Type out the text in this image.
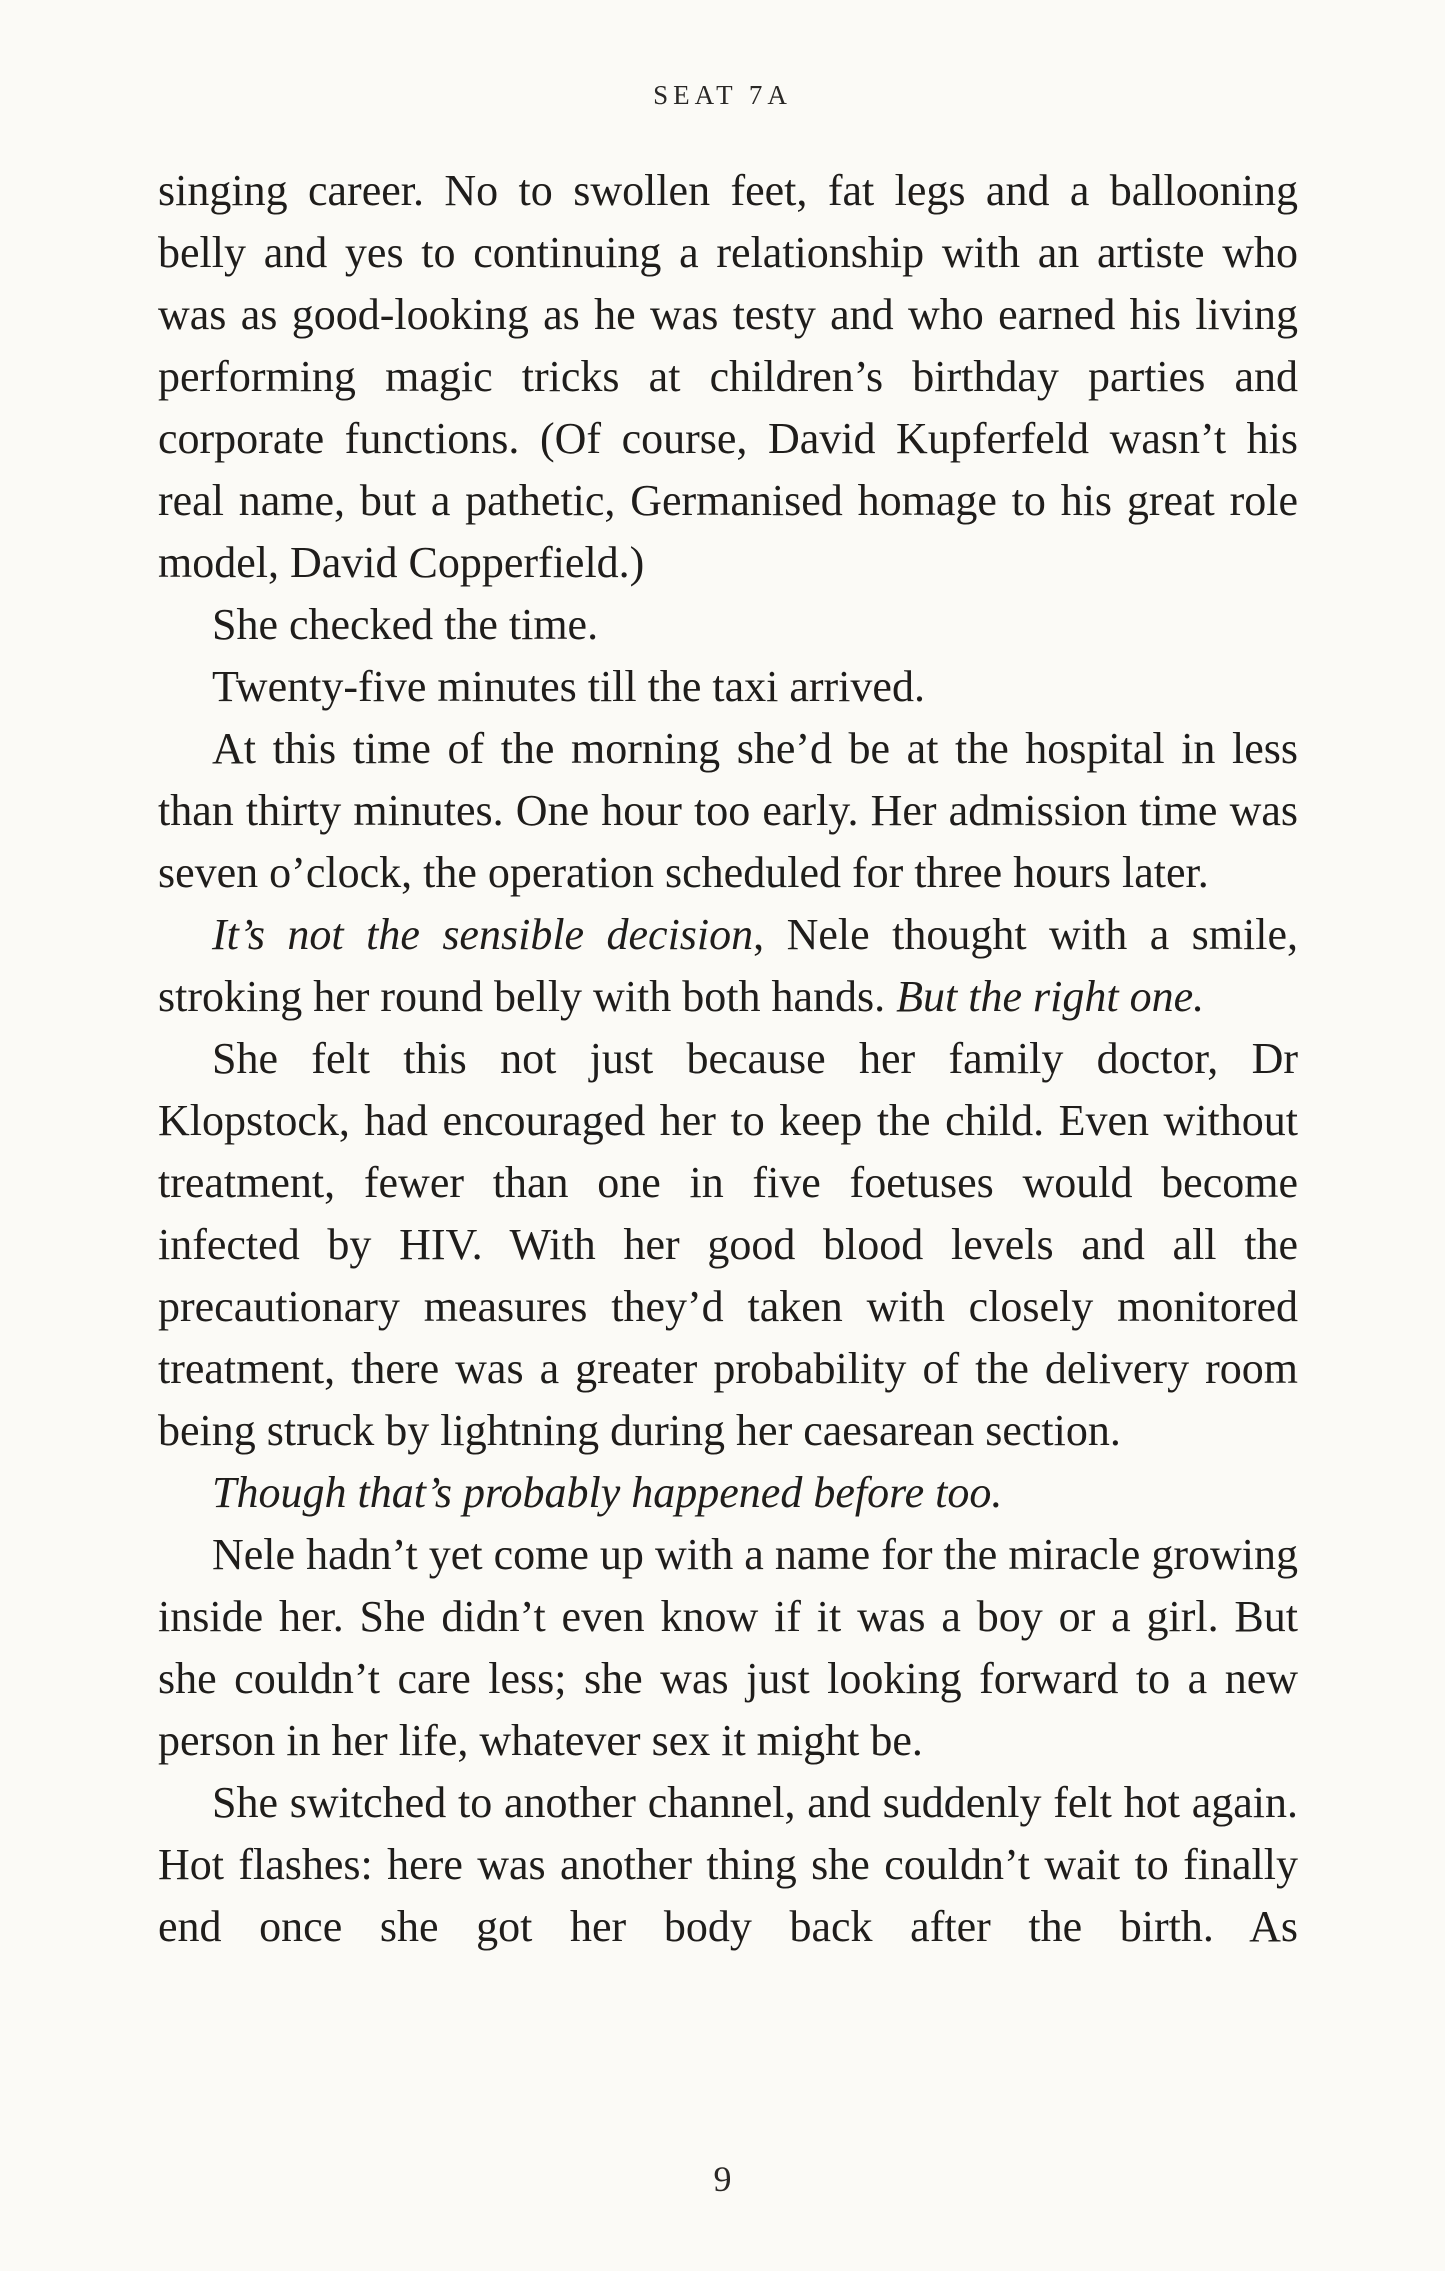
SEAT 7A

singing career. No to swollen feet, fat legs and a ballooning belly and yes to continuing a relationship with an artiste who was as good-looking as he was testy and who earned his living performing magic tricks at children’s birthday parties and corporate functions. (Of course, David Kupferfeld wasn’t his real name, but a pathetic, Germanised homage to his great role model, David Copperfield.)

She checked the time.

Twenty-five minutes till the taxi arrived.

At this time of the morning she’d be at the hospital in less than thirty minutes. One hour too early. Her admission time was seven o’clock, the operation scheduled for three hours later.

It’s not the sensible decision, Nele thought with a smile, stroking her round belly with both hands. But the right one.

She felt this not just because her family doctor, Dr Klopstock, had encouraged her to keep the child. Even without treatment, fewer than one in five foetuses would become infected by HIV. With her good blood levels and all the precautionary measures they’d taken with closely monitored treatment, there was a greater probability of the delivery room being struck by lightning during her caesarean section.

Though that’s probably happened before too.

Nele hadn’t yet come up with a name for the miracle growing inside her. She didn’t even know if it was a boy or a girl. But she couldn’t care less; she was just looking forward to a new person in her life, whatever sex it might be.

She switched to another channel, and suddenly felt hot again. Hot flashes: here was another thing she couldn’t wait to finally end once she got her body back after the birth. As

9
